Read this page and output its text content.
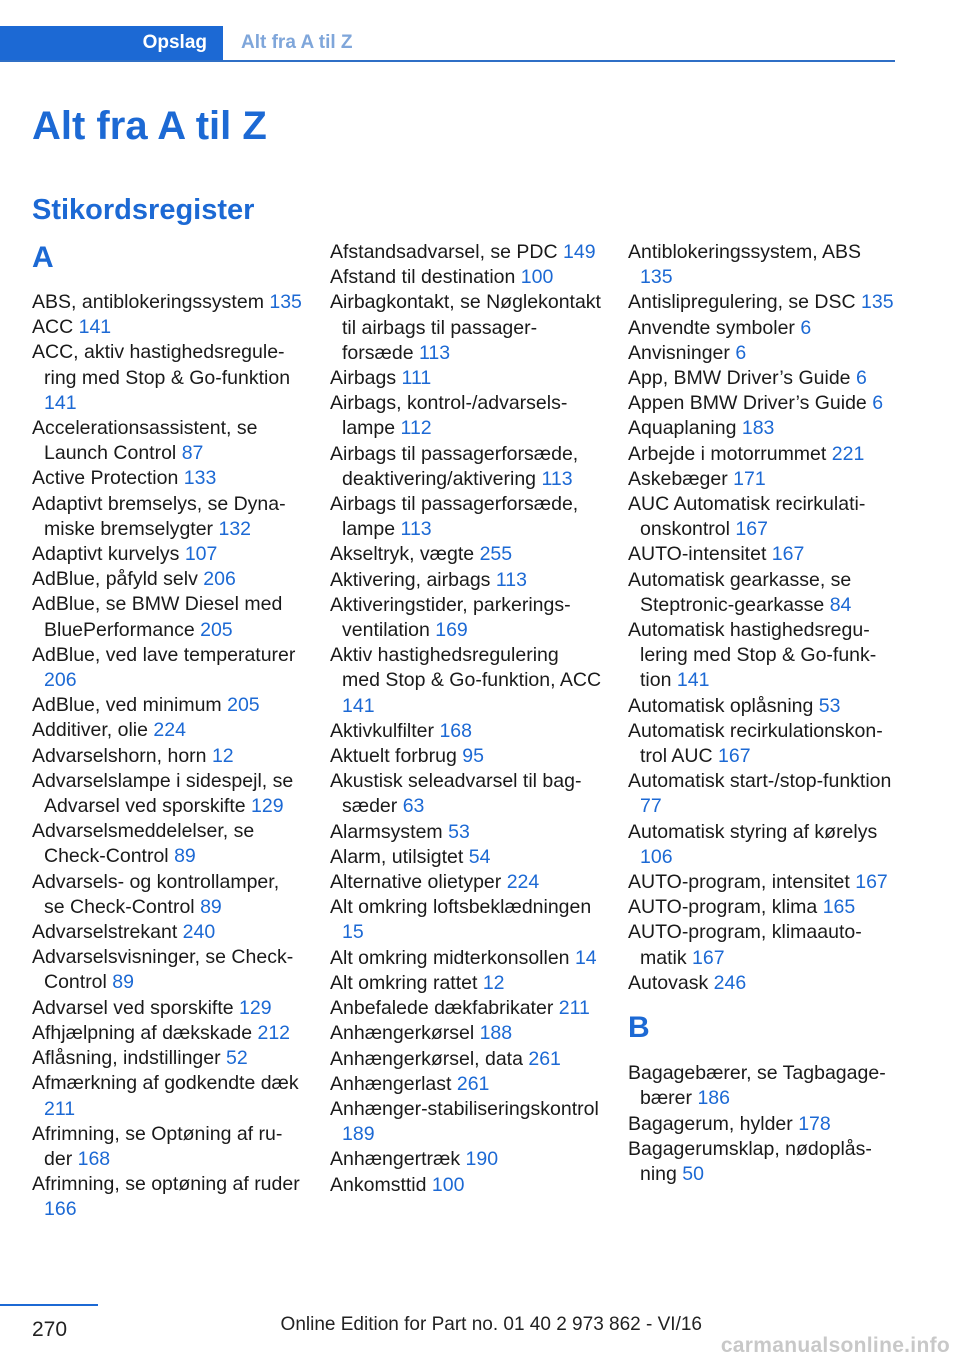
Opslag	Alt fra A til Z
Alt fra A til Z
Stikordsregister
A
ABS, antiblokeringssystem 135
ACC 141
ACC, aktiv hastighedsregulering med Stop & Go-funktion 141
Accelerationsassistent, se Launch Control 87
Active Protection 133
Adaptivt bremselys, se Dynamiske bremselygter 132
Adaptivt kurvelys 107
AdBlue, påfyld selv 206
AdBlue, se BMW Diesel med BluePerformance 205
AdBlue, ved lave temperaturer 206
AdBlue, ved minimum 205
Additiver, olie 224
Advarselshorn, horn 12
Advarselslampe i sidespejl, se Advarsel ved sporskifte 129
Advarselsmeddelelser, se Check-Control 89
Advarsels- og kontrollamper, se Check-Control 89
Advarselstrekant 240
Advarselsvisninger, se Check-Control 89
Advarsel ved sporskifte 129
Afhjælpning af dækskade 212
Aflåsning, indstillinger 52
Afmærkning af godkendte dæk 211
Afrimning, se Optøning af ruder 168
Afrimning, se optøning af ruder 166
Afstandsadvarsel, se PDC 149
Afstand til destination 100
Airbagkontakt, se Nøglekontakt til airbags til passagerforsæde 113
Airbags 111
Airbags, kontrol-/advarselslampe 112
Airbags til passagerforsæde, deaktivering/aktivering 113
Airbags til passagerforsæde, lampe 113
Akseltryk, vægte 255
Aktivering, airbags 113
Aktiveringstider, parkeringsventilation 169
Aktiv hastighedsregulering med Stop & Go-funktion, ACC 141
Aktivkulfilter 168
Aktuelt forbrug 95
Akustisk seleadvarsel til bagsæder 63
Alarmsystem 53
Alarm, utilsigtet 54
Alternative olietyper 224
Alt omkring loftsbeklædningen 15
Alt omkring midterkonsollen 14
Alt omkring rattet 12
Anbefalede dækfabrikater 211
Anhængerkørsel 188
Anhængerkørsel, data 261
Anhængerlast 261
Anhænger-stabiliseringskontrol 189
Anhængertræk 190
Ankomsttid 100
Antiblokeringssystem, ABS 135
Antislipregulering, se DSC 135
Anvendte symboler 6
Anvisninger 6
App, BMW Driver’s Guide 6
Appen BMW Driver’s Guide 6
Aquaplaning 183
Arbejde i motorrummet 221
Askebæger 171
AUC Automatisk recirkulationskontrol 167
AUTO-intensitet 167
Automatisk gearkasse, se Steptronic-gearkasse 84
Automatisk hastighedsregulering med Stop & Go-funktion 141
Automatisk oplåsning 53
Automatisk recirkulationskontrol AUC 167
Automatisk start-/stop-funktion 77
Automatisk styring af kørelys 106
AUTO-program, intensitet 167
AUTO-program, klima 165
AUTO-program, klimaautomatik 167
Autovask 246
B
Bagagebærer, se Tagbagagebærer 186
Bagagerum, hylder 178
Bagagerumsklap, nødoplåsning 50
270	Online Edition for Part no. 01 40 2 973 862 - VI/16
carmanualsonline.info
